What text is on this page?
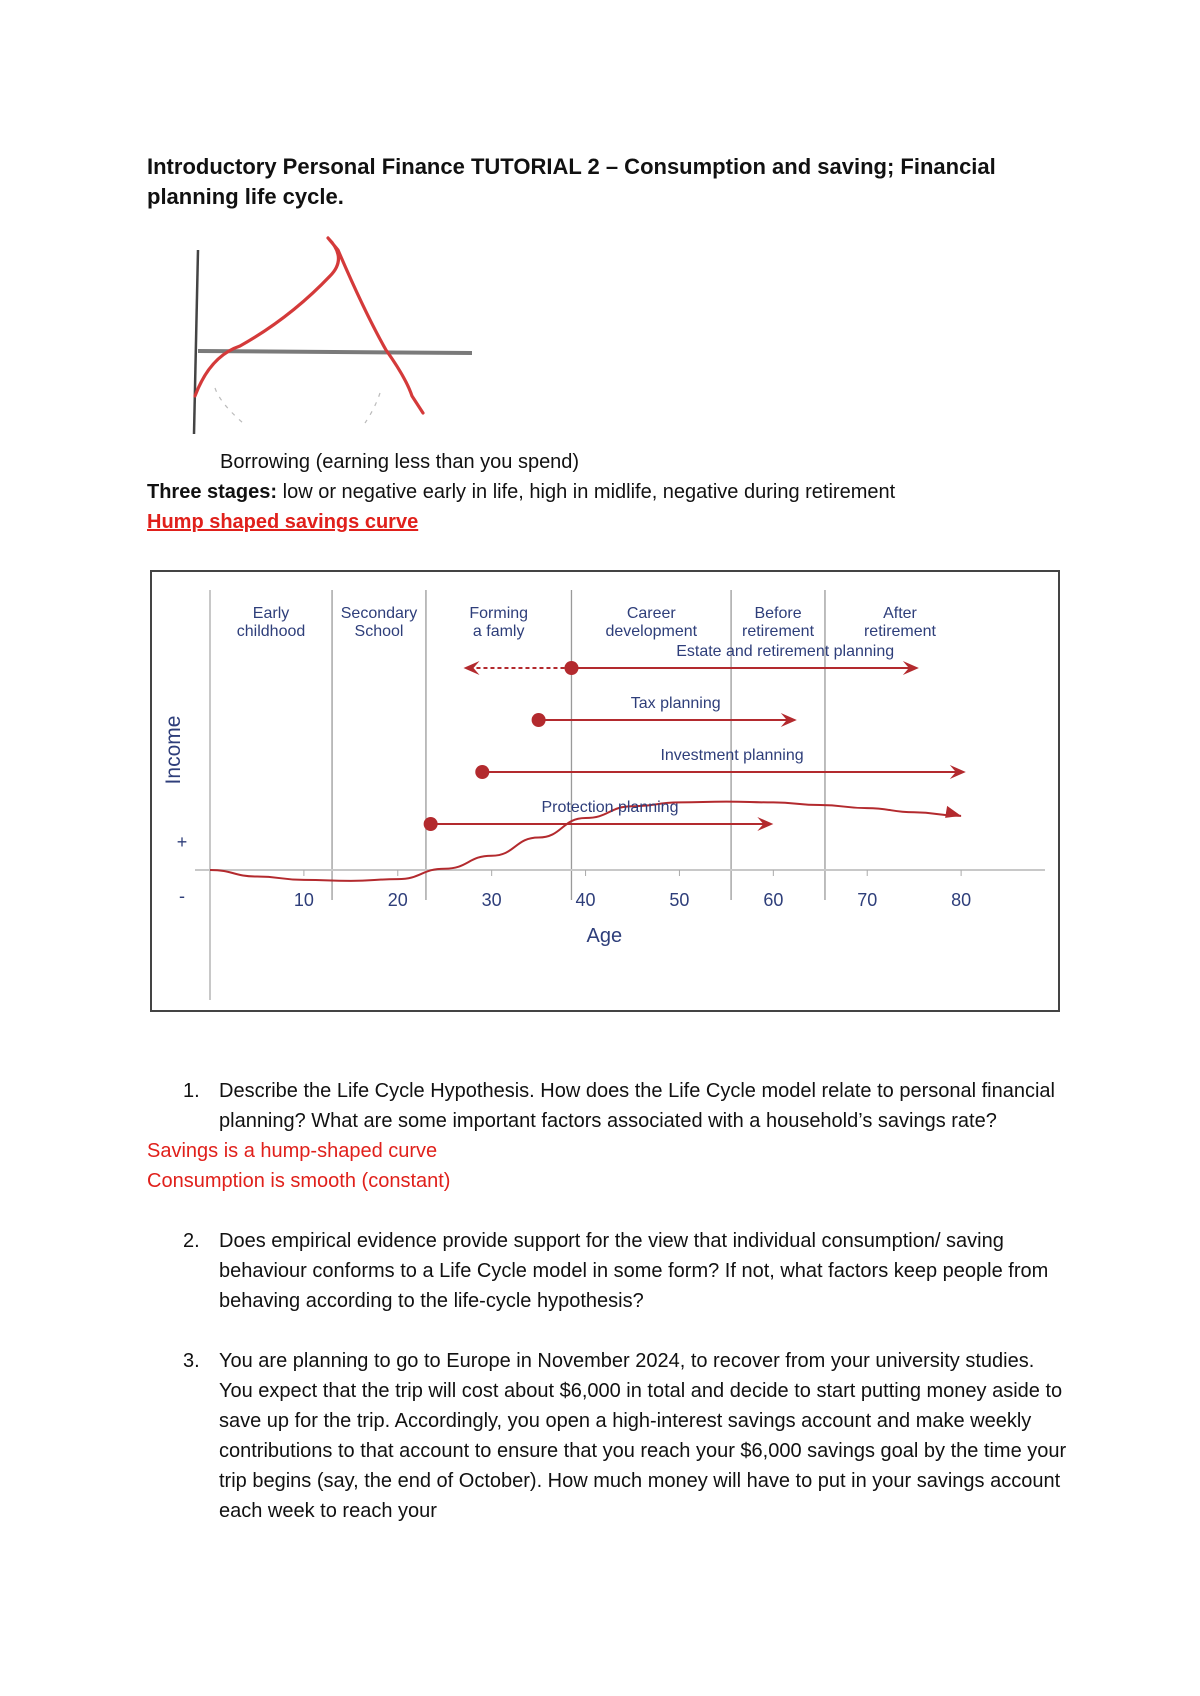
Introductory Personal Finance TUTORIAL 2 – Consumption and saving; Financial planning life cycle.
Borrowing (earning less than you spend)
Three stages: low or negative early in life, high in midlife, negative during retirement
Hump shaped savings curve
Early
childhood
Secondary
School
Forming
a famly
Career
development
Before
retirement
After
retirement
10	20	30	40	50	60	70	80
+
-
Income
Age
Estate and retirement planning
Tax planning
Investment planning
Protection planning
1. Describe the Life Cycle Hypothesis. How does the Life Cycle model relate to personal financial planning? What are some important factors associated with a household’s savings rate?
Savings is a hump-shaped curve
Consumption is smooth (constant)
2. Does empirical evidence provide support for the view that individual consumption/ saving behaviour conforms to a Life Cycle model in some form? If not, what factors keep people from behaving according to the life-cycle hypothesis?
3. You are planning to go to Europe in November 2024, to recover from your university studies. You expect that the trip will cost about $6,000 in total and decide to start putting money aside to save up for the trip. Accordingly, you open a high-interest savings account and make weekly contributions to that account to ensure that you reach your $6,000 savings goal by the time your trip begins (say, the end of October). How much money will have to put in your savings account each week to reach your
